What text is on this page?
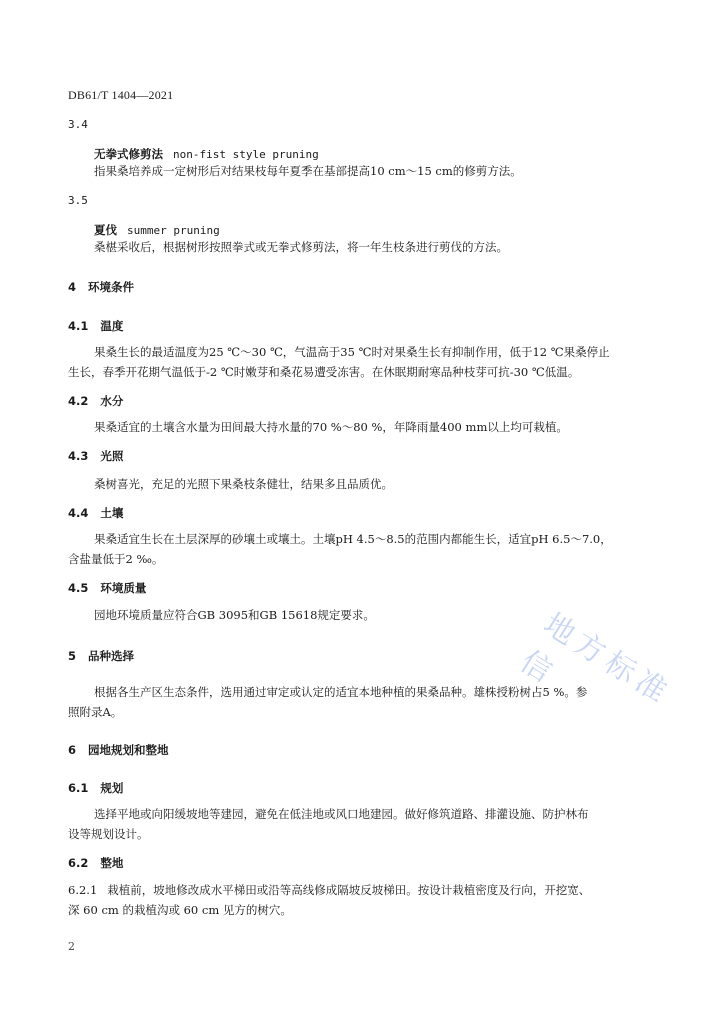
DB61/T 1404—2021
3.4
无拳式修剪法 non-fist style pruning
指果桑培养成一定树形后对结果枝每年夏季在基部提高10 cm～15 cm的修剪方法。
3.5
夏伐 summer pruning
桑椹采收后，根据树形按照拳式或无拳式修剪法，将一年生枝条进行剪伐的方法。
4 环境条件
4.1 温度
果桑生长的最适温度为25 ℃～30 ℃，气温高于35 ℃时对果桑生长有抑制作用，低于12 ℃果桑停止
生长，春季开花期气温低于-2 ℃时嫩芽和桑花易遭受冻害。在休眠期耐寒品种枝芽可抗-30 ℃低温。
4.2 水分
果桑适宜的土壤含水量为田间最大持水量的70 %～80 %，年降雨量400 mm以上均可栽植。
4.3 光照
桑树喜光，充足的光照下果桑枝条健壮，结果多且品质优。
4.4 土壤
果桑适宜生长在土层深厚的砂壤土或壤土。土壤pH 4.5～8.5的范围内都能生长，适宜pH 6.5～7.0，
含盐量低于2 ‰。
4.5 环境质量
园地环境质量应符合GB 3095和GB 15618规定要求。
5 品种选择
根据各生产区生态条件，选用通过审定或认定的适宜本地种植的果桑品种。雄株授粉树占5 %。参
照附录A。
6 园地规划和整地
6.1 规划
选择平地或向阳缓坡地等建园，避免在低洼地或风口地建园。做好修筑道路、排灌设施、防护林布
设等规划设计。
6.2 整地
6.2.1 栽植前，坡地修改成水平梯田或沿等高线修成隔坡反坡梯田。按设计栽植密度及行向，开挖宽、
深 60 cm 的栽植沟或 60 cm 见方的树穴。
2
地方标准信
